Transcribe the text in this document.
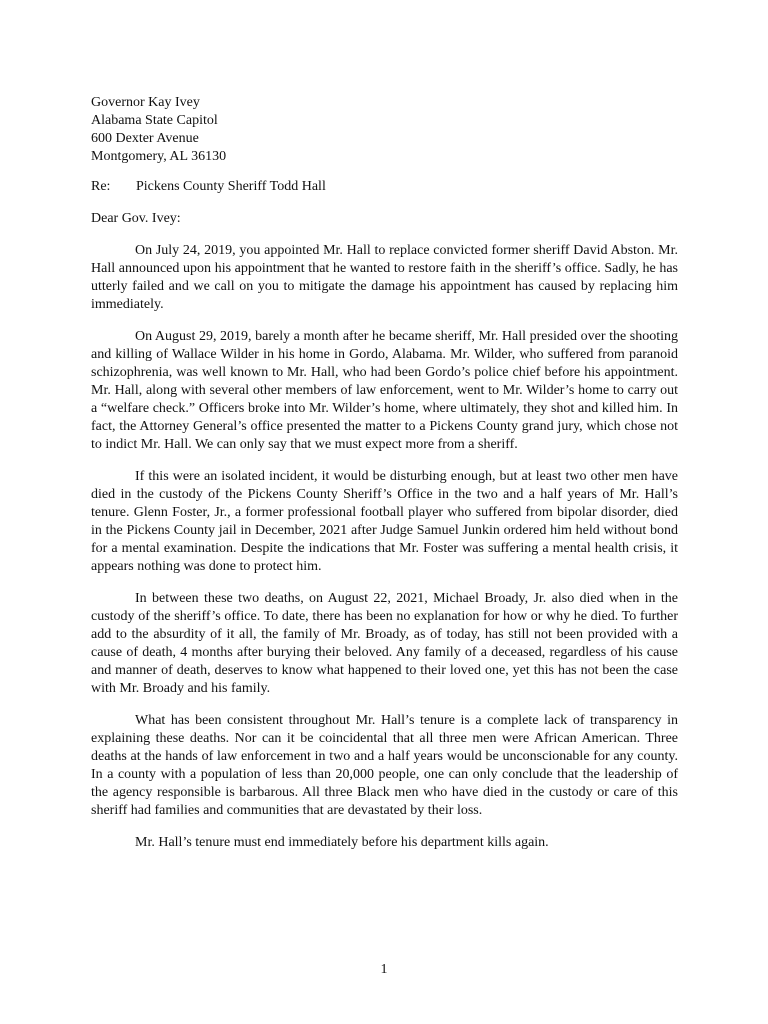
Governor Kay Ivey
Alabama State Capitol
600 Dexter Avenue
Montgomery, AL 36130
Re:	Pickens County Sheriff Todd Hall
Dear Gov. Ivey:

On July 24, 2019, you appointed Mr. Hall to replace convicted former sheriff David Abston. Mr. Hall announced upon his appointment that he wanted to restore faith in the sheriff’s office. Sadly, he has utterly failed and we call on you to mitigate the damage his appointment has caused by replacing him immediately.

On August 29, 2019, barely a month after he became sheriff, Mr. Hall presided over the shooting and killing of Wallace Wilder in his home in Gordo, Alabama. Mr. Wilder, who suffered from paranoid schizophrenia, was well known to Mr. Hall, who had been Gordo’s police chief before his appointment. Mr. Hall, along with several other members of law enforcement, went to Mr. Wilder’s home to carry out a “welfare check.” Officers broke into Mr. Wilder’s home, where ultimately, they shot and killed him. In fact, the Attorney General’s office presented the matter to a Pickens County grand jury, which chose not to indict Mr. Hall. We can only say that we must expect more from a sheriff.

If this were an isolated incident, it would be disturbing enough, but at least two other men have died in the custody of the Pickens County Sheriff’s Office in the two and a half years of Mr. Hall’s tenure. Glenn Foster, Jr., a former professional football player who suffered from bipolar disorder, died in the Pickens County jail in December, 2021 after Judge Samuel Junkin ordered him held without bond for a mental examination. Despite the indications that Mr. Foster was suffering a mental health crisis, it appears nothing was done to protect him.

In between these two deaths, on August 22, 2021, Michael Broady, Jr. also died when in the custody of the sheriff’s office. To date, there has been no explanation for how or why he died. To further add to the absurdity of it all, the family of Mr. Broady, as of today, has still not been provided with a cause of death, 4 months after burying their beloved. Any family of a deceased, regardless of his cause and manner of death, deserves to know what happened to their loved one, yet this has not been the case with Mr. Broady and his family.

What has been consistent throughout Mr. Hall’s tenure is a complete lack of transparency in explaining these deaths. Nor can it be coincidental that all three men were African American. Three deaths at the hands of law enforcement in two and a half years would be unconscionable for any county. In a county with a population of less than 20,000 people, one can only conclude that the leadership of the agency responsible is barbarous. All three Black men who have died in the custody or care of this sheriff had families and communities that are devastated by their loss.

Mr. Hall’s tenure must end immediately before his department kills again.

1
